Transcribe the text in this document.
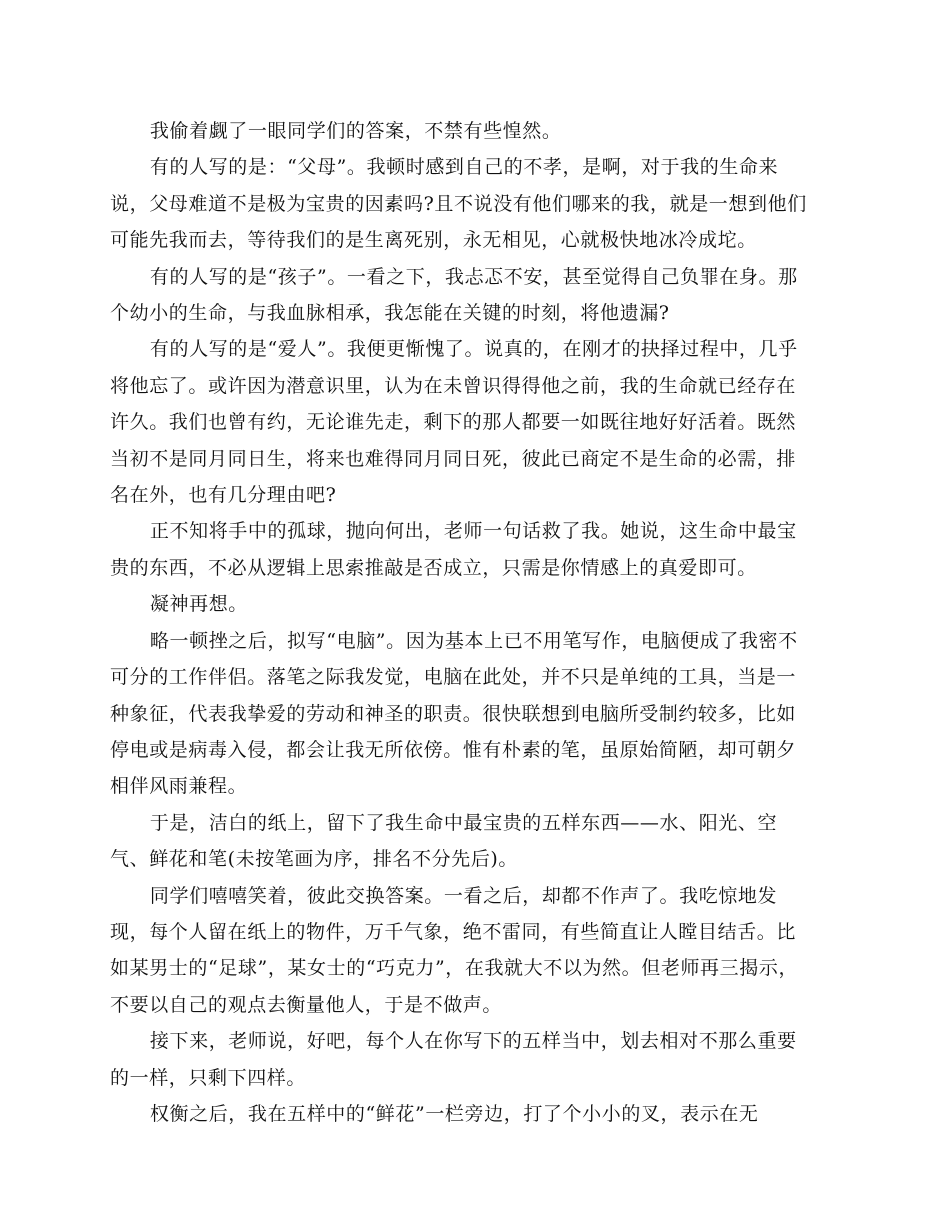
我偷着觑了一眼同学们的答案，不禁有些惶然。

有的人写的是：“父母”。我顿时感到自己的不孝，是啊，对于我的生命来说，父母难道不是极为宝贵的因素吗?且不说没有他们哪来的我，就是一想到他们可能先我而去，等待我们的是生离死别，永无相见，心就极快地冰冷成坨。

有的人写的是“孩子”。一看之下，我忐忑不安，甚至觉得自己负罪在身。那个幼小的生命，与我血脉相承，我怎能在关键的时刻，将他遗漏?

有的人写的是“爱人”。我便更惭愧了。说真的，在刚才的抉择过程中，几乎将他忘了。或许因为潜意识里，认为在未曾识得得他之前，我的生命就已经存在许久。我们也曾有约，无论谁先走，剩下的那人都要一如既往地好好活着。既然当初不是同月同日生，将来也难得同月同日死，彼此已商定不是生命的必需，排名在外，也有几分理由吧?

正不知将手中的孤球，抛向何出，老师一句话救了我。她说，这生命中最宝贵的东西，不必从逻辑上思索推敲是否成立，只需是你情感上的真爱即可。

凝神再想。

略一顿挫之后，拟写“电脑”。因为基本上已不用笔写作，电脑便成了我密不可分的工作伴侣。落笔之际我发觉，电脑在此处，并不只是单纯的工具，当是一种象征，代表我挚爱的劳动和神圣的职责。很快联想到电脑所受制约较多，比如停电或是病毒入侵，都会让我无所依傍。惟有朴素的笔，虽原始简陋，却可朝夕相伴风雨兼程。

于是，洁白的纸上，留下了我生命中最宝贵的五样东西——水、阳光、空气、鲜花和笔(未按笔画为序，排名不分先后)。

同学们嘻嘻笑着，彼此交换答案。一看之后，却都不作声了。我吃惊地发现，每个人留在纸上的物件，万千气象，绝不雷同，有些简直让人瞠目结舌。比如某男士的“足球”，某女士的“巧克力”，在我就大不以为然。但老师再三揭示，不要以自己的观点去衡量他人，于是不做声。

接下来，老师说，好吧，每个人在你写下的五样当中，划去相对不那么重要的一样，只剩下四样。

权衡之后，我在五样中的“鲜花”一栏旁边，打了个小小的叉，表示在无
